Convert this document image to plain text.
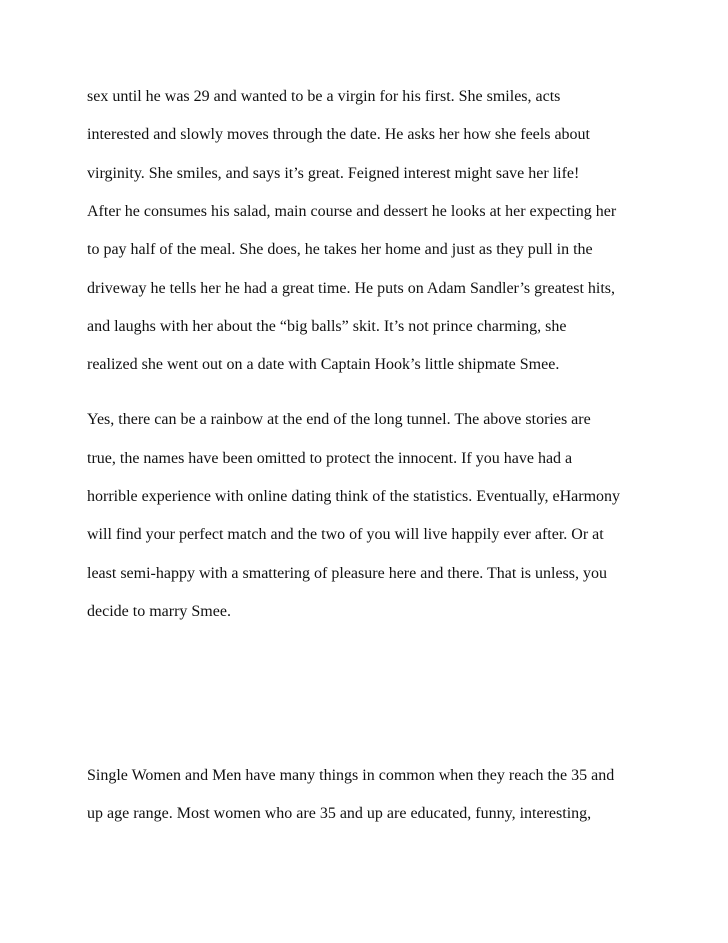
sex until he was 29 and wanted to be a virgin for his first. She smiles, acts
interested and slowly moves through the date. He asks her how she feels about
virginity. She smiles, and says it’s great. Feigned interest might save her life!
After he consumes his salad, main course and dessert he looks at her expecting her
to pay half of the meal. She does, he takes her home and just as they pull in the
driveway he tells her he had a great time. He puts on Adam Sandler’s greatest hits,
and laughs with her about the “big balls” skit. It’s not prince charming, she
realized she went out on a date with Captain Hook’s little shipmate Smee.
Yes, there can be a rainbow at the end of the long tunnel. The above stories are
true, the names have been omitted to protect the innocent. If you have had a
horrible experience with online dating think of the statistics. Eventually, eHarmony
will find your perfect match and the two of you will live happily ever after. Or at
least semi-happy with a smattering of pleasure here and there. That is unless, you
decide to marry Smee.
Single Women and Men have many things in common when they reach the 35 and
up age range. Most women who are 35 and up are educated, funny, interesting,
